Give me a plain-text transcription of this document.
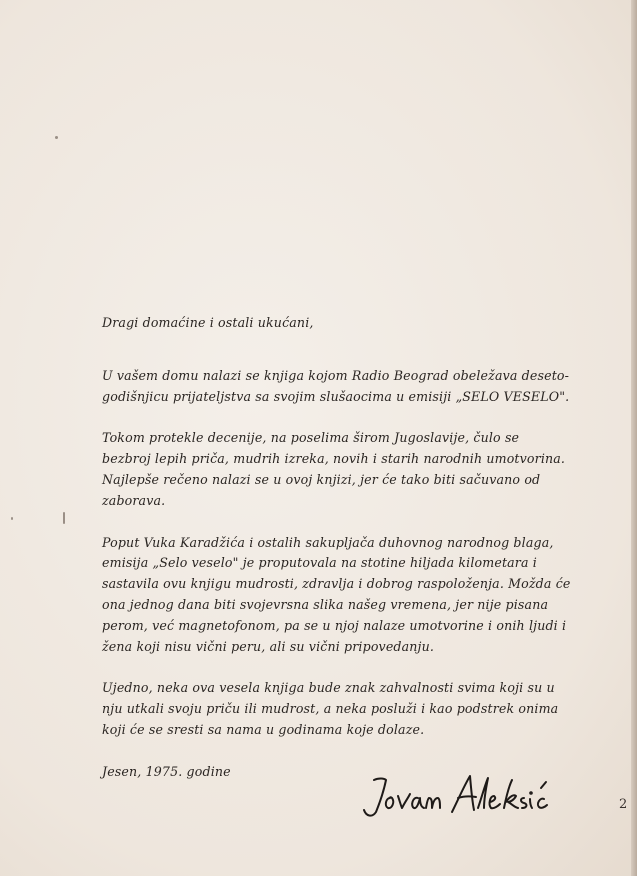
Dragi domaćine i ostali ukućani,

U vašem domu nalazi se knjiga kojom Radio Beograd obeležava deseto-godišnjicu prijateljstva sa svojim slušaocima u emisiji „SELO VESELO".

Tokom protekle decenije, na poselima širom Jugoslavije, čulo se bezbroj lepih priča, mudrih izreka, novih i starih narodnih umotvorina. Najlepše rečeno nalazi se u ovoj knjizi, jer će tako biti sačuvano od zaborava.

Poput Vuka Karadžića i ostalih sakupljača duhovnog narodnog blaga, emisija „Selo veselo" je proputovala na stotine hiljada kilometara i sastavila ovu knjigu mudrosti, zdravlja i dobrog raspoloženja. Možda će ona jednog dana biti svojevrsna slika našeg vremena, jer nije pisana perom, već magnetofonom, pa se u njoj nalaze umotvorine i onih ljudi i žena koji nisu vični peru, ali su vični pripovedanju.

Ujedno, neka ova vesela knjiga bude znak zahvalnosti svima koji su u nju utkali svoju priču ili mudrost, a neka posluži i kao podstrek onima koji će se sresti sa nama u godinama koje dolaze.

Jesen, 1975. godine

2
